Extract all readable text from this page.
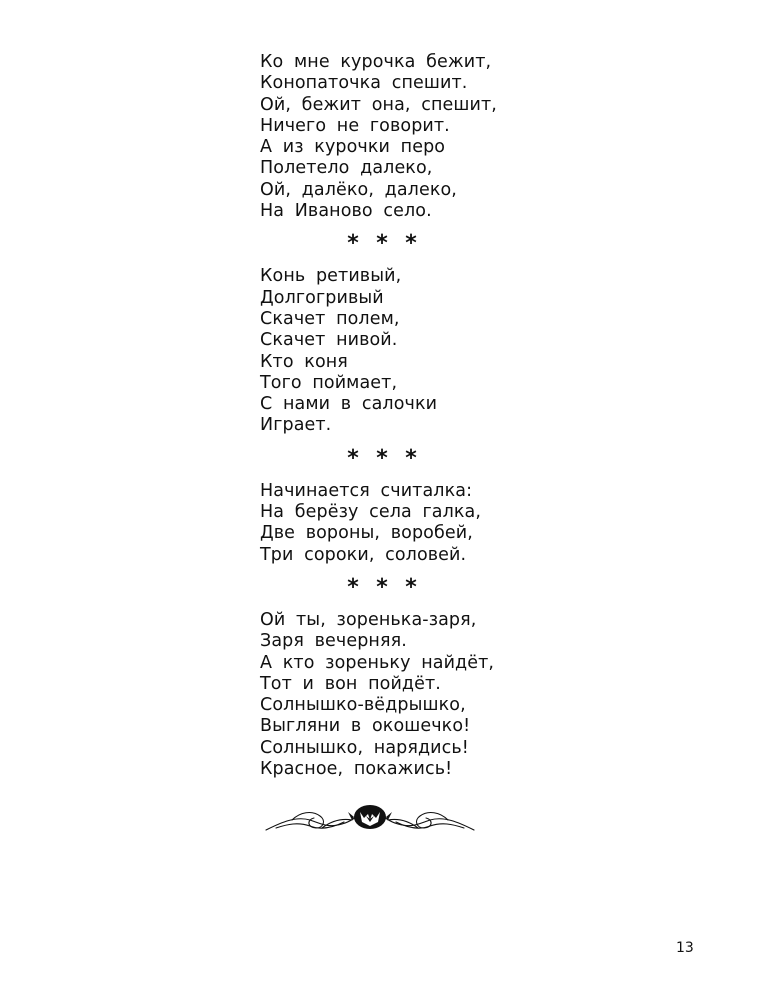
Ко мне курочка бежит,
Конопаточка спешит.
Ой, бежит она, спешит,
Ничего не говорит.
А из курочки перо
Полетело далеко,
Ой, далёко, далеко,
На Иваново село.
* * *
Конь ретивый,
Долгогривый
Скачет полем,
Скачет нивой.
Кто коня
Того поймает,
С нами в салочки
Играет.
* * *
Начинается считалка:
На берёзу села галка,
Две вороны, воробей,
Три сороки, соловей.
* * *
Ой ты, зоренька-заря,
Заря вечерняя.
А кто зореньку найдёт,
Тот и вон пойдёт.
Солнышко-вёдрышко,
Выгляни в окошечко!
Солнышко, нарядись!
Красное, покажись!
13
